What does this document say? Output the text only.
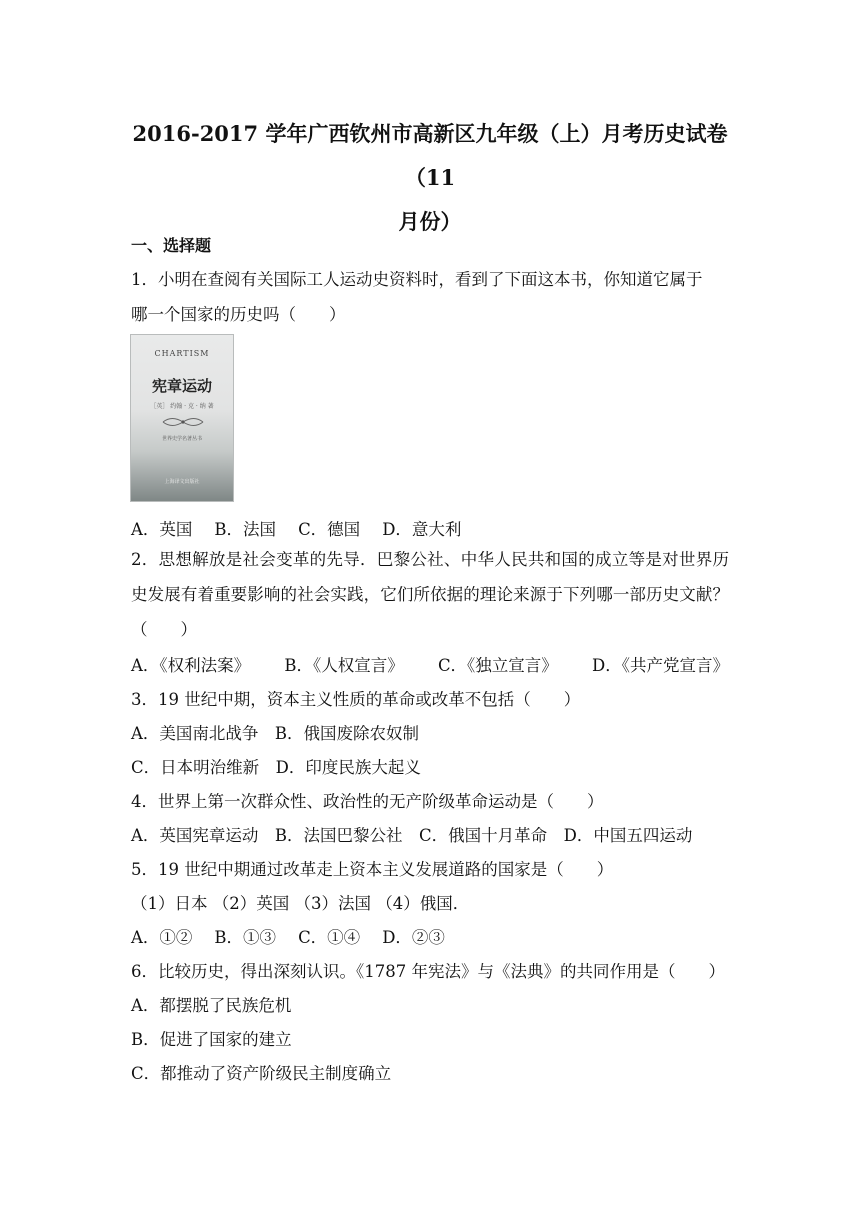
2016-2017 学年广西钦州市高新区九年级（上）月考历史试卷（11
月份）
一、选择题
1．小明在查阅有关国际工人运动史资料时，看到了下面这本书，你知道它属于
哪一个国家的历史吗（　　）
CHARTISM
宪章运动
［英］ 约翰 · 克 · 纳 著
世界史学名著丛书
上海译文出版社
A．英国 B．法国 C．德国 D．意大利
2．思想解放是社会变革的先导．巴黎公社、中华人民共和国的成立等是对世界历史发展有着重要影响的社会实践，它们所依据的理论来源于下列哪一部历史文献？（　　）
A．《权利法案》 B．《人权宣言》 C．《独立宣言》 D．《共产党宣言》
3．19 世纪中期，资本主义性质的革命或改革不包括（　　）
A．美国南北战争　B．俄国废除农奴制
C．日本明治维新　D．印度民族大起义
4．世界上第一次群众性、政治性的无产阶级革命运动是（　　）
A．英国宪章运动　B．法国巴黎公社　C．俄国十月革命　D．中国五四运动
5．19 世纪中期通过改革走上资本主义发展道路的国家是（　　）
（1）日本 （2）英国 （3）法国 （4）俄国．
A．①② B．①③ C．①④ D．②③
6．比较历史，得出深刻认识。《1787 年宪法》与《法典》的共同作用是（　　）
A．都摆脱了民族危机
B．促进了国家的建立
C．都推动了资产阶级民主制度确立
